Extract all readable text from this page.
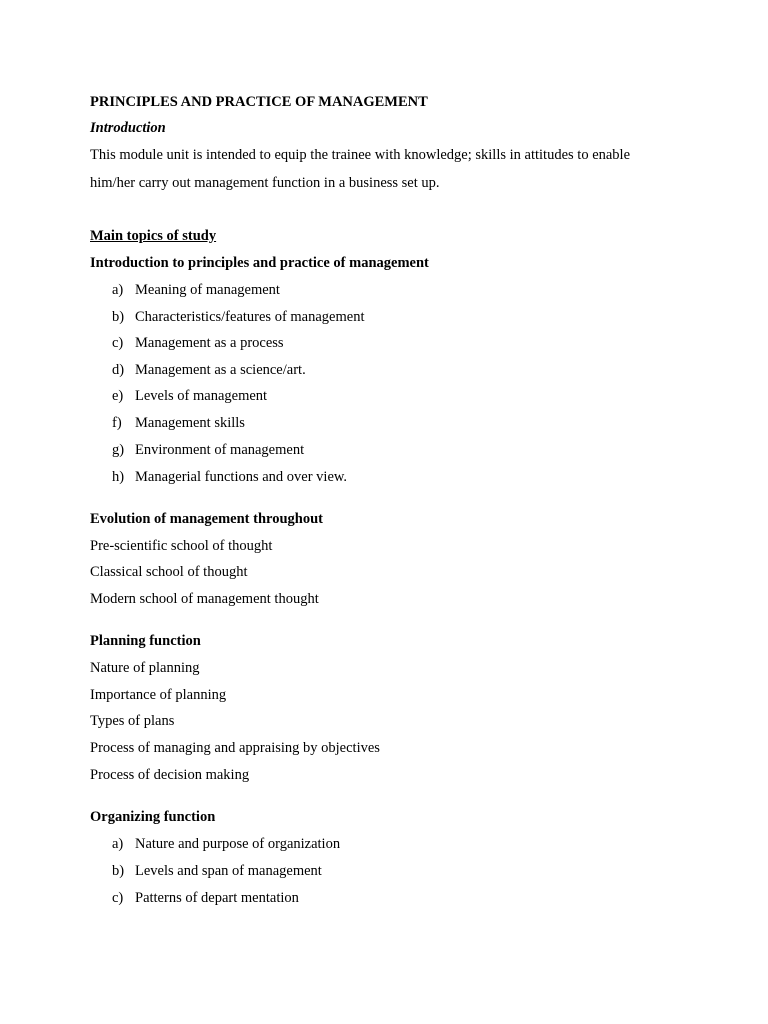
PRINCIPLES AND PRACTICE OF MANAGEMENT
Introduction
This module unit is intended to equip the trainee with knowledge; skills in attitudes to enable
him/her carry out management function in a business set up.
Main topics of study
Introduction to principles and practice of management
a) Meaning of management
b) Characteristics/features of management
c) Management as a process
d) Management as a science/art.
e) Levels of management
f) Management skills
g) Environment of management
h) Managerial functions and over view.
Evolution of management throughout
Pre-scientific school of thought
Classical school of thought
Modern school of management thought
Planning function
Nature of planning
Importance of planning
Types of plans
Process of managing and appraising by objectives
Process of decision making
Organizing function
a) Nature and purpose of organization
b) Levels and span of management
c) Patterns of depart mentation
